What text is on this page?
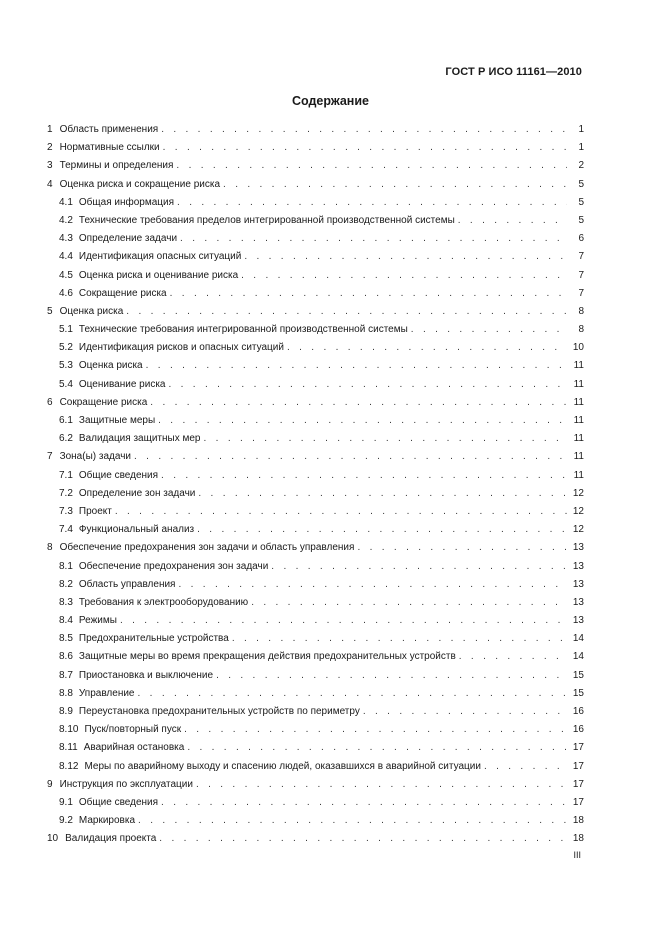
ГОСТ Р ИСО 11161—2010
Содержание
1 Область применения . . .	1
2 Нормативные ссылки . . .	1
3 Термины и определения . . .	2
4 Оценка риска и сокращение риска . . .	5
4.1 Общая информация . . .	5
4.2 Технические требования пределов интегрированной производственной системы . . .	5
4.3 Определение задачи . . .	6
4.4 Идентификация опасных ситуаций . . .	7
4.5 Оценка риска и оценивание риска . . .	7
4.6 Сокращение риска . . .	7
5 Оценка риска . . .	8
5.1 Технические требования интегрированной производственной системы . . .	8
5.2 Идентификация рисков и опасных ситуаций . . .	10
5.3 Оценка риска . . .	11
5.4 Оценивание риска . . .	11
6 Сокращение риска . . .	11
6.1 Защитные меры . . .	11
6.2 Валидация защитных мер . . .	11
7 Зона(ы) задачи . . .	11
7.1 Общие сведения . . .	11
7.2 Определение зон задачи . . .	12
7.3 Проект . . .	12
7.4 Функциональный анализ . . .	12
8 Обеспечение предохранения зон задачи и область управления . . .	13
8.1 Обеспечение предохранения зон задачи . . .	13
8.2 Область управления . . .	13
8.3 Требования к электрооборудованию . . .	13
8.4 Режимы . . .	13
8.5 Предохранительные устройства . . .	14
8.6 Защитные меры во время прекращения действия предохранительных устройств . . .	14
8.7 Приостановка и выключение . . .	15
8.8 Управление . . .	15
8.9 Переустановка предохранительных устройств по периметру . . .	16
8.10 Пуск/повторный пуск . . .	16
8.11 Аварийная остановка . . .	17
8.12 Меры по аварийному выходу и спасению людей, оказавшихся в аварийной ситуации . . .	17
9 Инструкция по эксплуатации . . .	17
9.1 Общие сведения . . .	17
9.2 Маркировка . . .	18
10 Валидация проекта . . .	18
III
